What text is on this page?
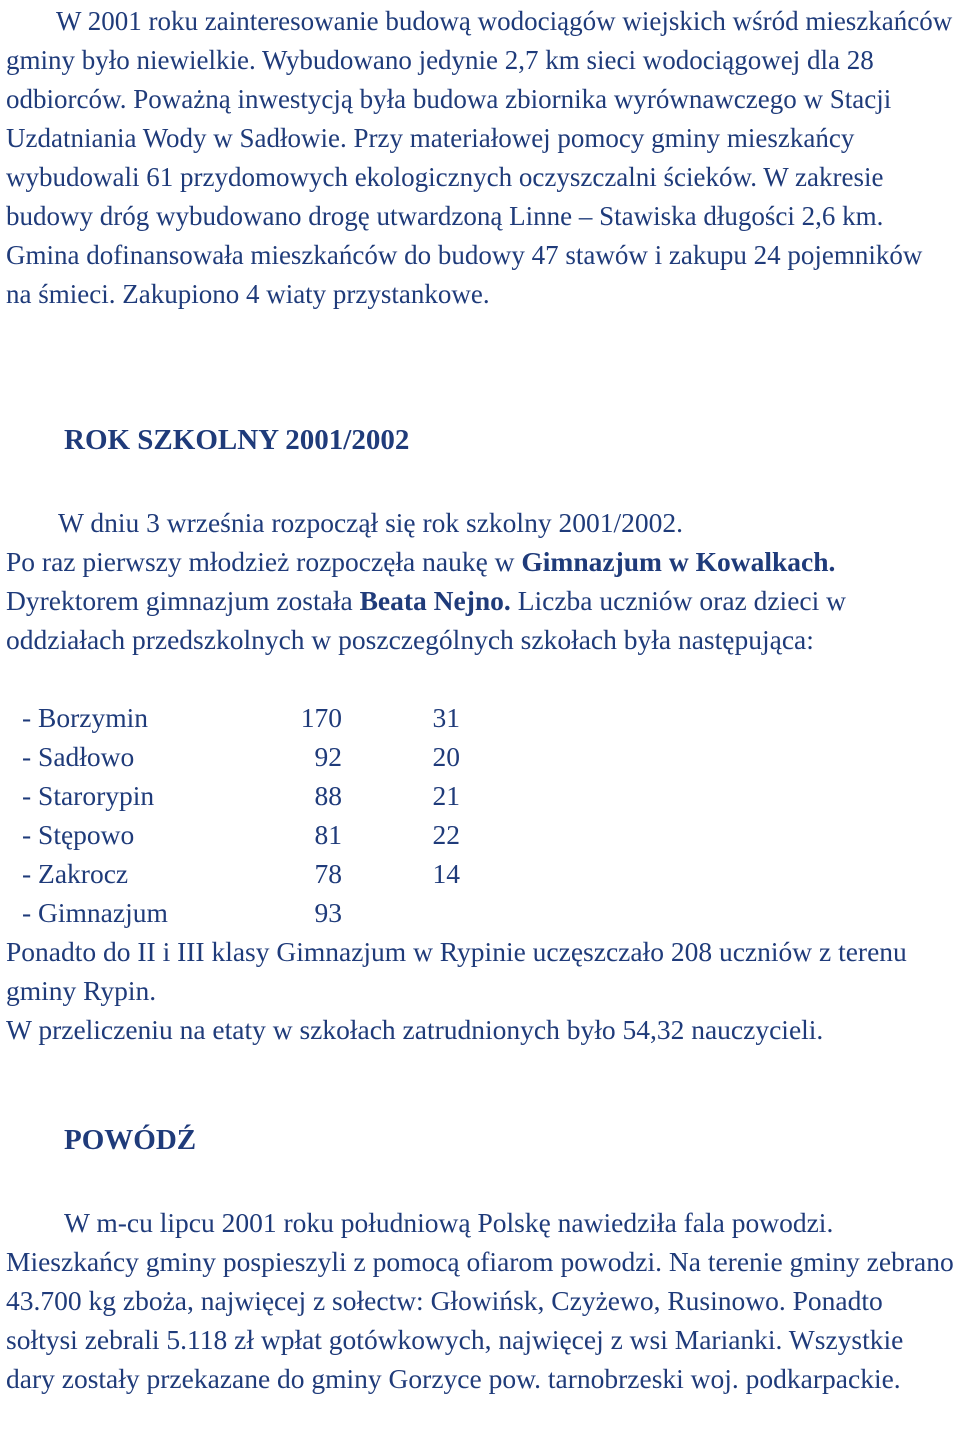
W 2001 roku zainteresowanie budową wodociągów wiejskich wśród mieszkańców gminy było niewielkie. Wybudowano jedynie 2,7 km sieci wodociągowej dla 28 odbiorców. Poważną inwestycją była budowa zbiornika wyrównawczego w Stacji Uzdatniania Wody w Sadłowie. Przy materiałowej pomocy gminy mieszkańcy wybudowali 61 przydomowych ekologicznych oczyszczalni ścieków. W zakresie budowy dróg wybudowano drogę utwardzoną Linne – Stawiska długości 2,6 km. Gmina dofinansowała mieszkańców do budowy 47 stawów i zakupu 24 pojemników na śmieci. Zakupiono 4 wiaty przystankowe.

ROK SZKOLNY 2001/2002

W dniu 3 września rozpoczął się rok szkolny 2001/2002.
Po raz pierwszy młodzież rozpoczęła naukę w Gimnazjum w Kowalkach. Dyrektorem gimnazjum została Beata Nejno. Liczba uczniów oraz dzieci w oddziałach przedszkolnych w poszczególnych szkołach była następująca:

- Borzymin	170	31
- Sadłowo	92	20
- Starorypin	88	21
- Stępowo	81	22
- Zakrocz	78	14
- Gimnazjum	93

Ponadto do II i III klasy Gimnazjum w Rypinie uczęszczało 208 uczniów z terenu gminy Rypin.

W przeliczeniu na etaty w szkołach zatrudnionych było 54,32 nauczycieli.

POWÓDŹ

W m-cu lipcu 2001 roku południową Polskę nawiedziła fala powodzi. Mieszkańcy gminy pospieszyli z pomocą ofiarom powodzi. Na terenie gminy zebrano 43.700 kg zboża, najwięcej z sołectw: Głowińsk, Czyżewo, Rusinowo. Ponadto sołtysi zebrali 5.118 zł wpłat gotówkowych, najwięcej z wsi Marianki. Wszystkie dary zostały przekazane do gminy Gorzyce pow. tarnobrzeski woj. podkarpackie.
